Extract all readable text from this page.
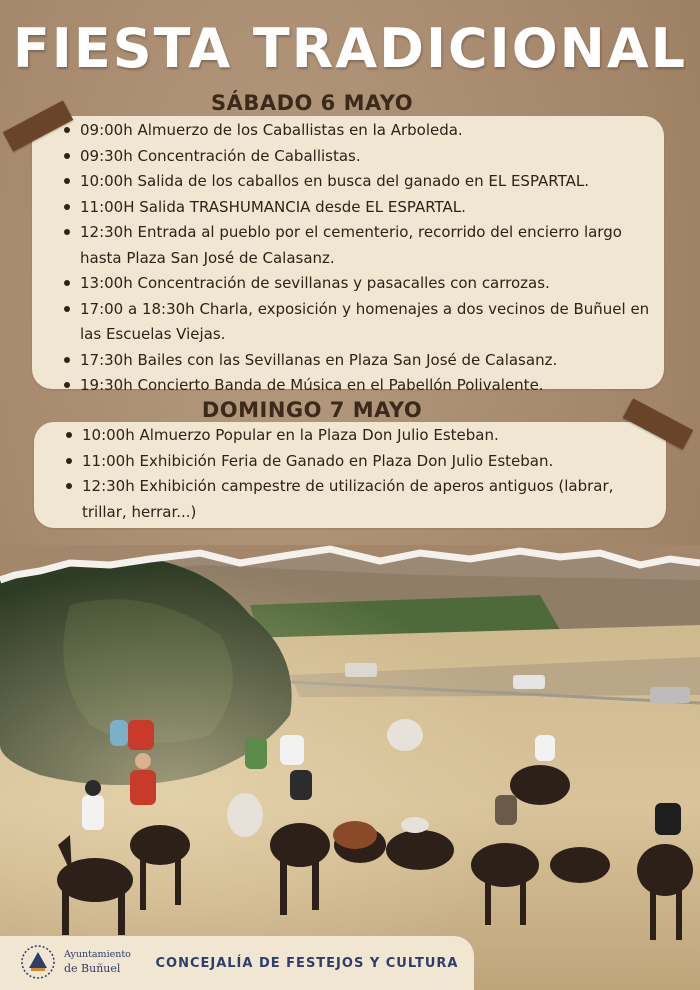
FIESTA TRADICIONAL
SÁBADO 6 MAYO
09:00h Almuerzo de los Caballistas en la Arboleda.
09:30h Concentración de Caballistas.
10:00h Salida de los caballos en busca del ganado en EL ESPARTAL.
11:00H Salida TRASHUMANCIA desde EL ESPARTAL.
12:30h Entrada al pueblo por el cementerio, recorrido del encierro largo hasta Plaza San José de Calasanz.
13:00h Concentración de sevillanas y pasacalles con carrozas.
17:00 a 18:30h Charla, exposición y homenajes a dos vecinos de Buñuel en las Escuelas Viejas.
17:30h Bailes con las Sevillanas en Plaza San José de Calasanz.
19:30h Concierto Banda de Música en el Pabellón Polivalente.
DOMINGO 7 MAYO
10:00h Almuerzo Popular en la Plaza Don Julio Esteban.
11:00h Exhibición Feria de Ganado en Plaza Don Julio Esteban.
12:30h Exhibición campestre de utilización de aperos antiguos (labrar, trillar, herrar...)
Ayuntamiento
de Buñuel	CONCEJALÍA DE FESTEJOS Y CULTURA
